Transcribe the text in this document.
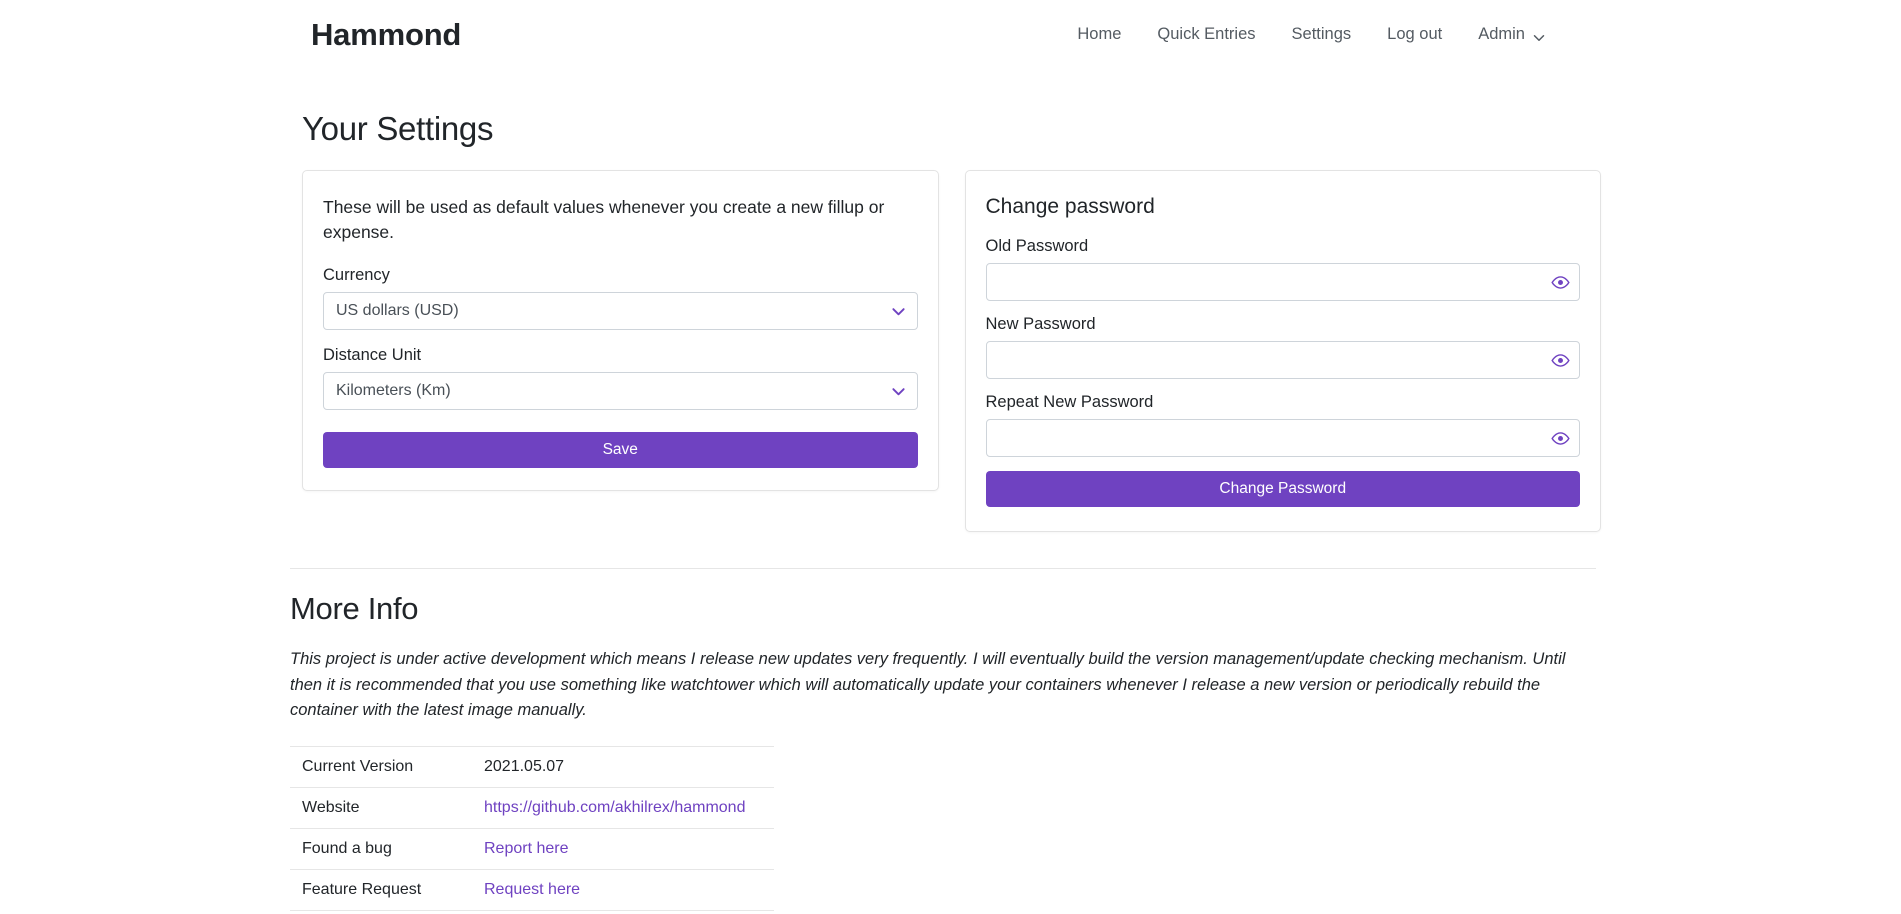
Hammond	Home	Quick Entries	Settings	Log out	Admin
Your Settings

These will be used as default values whenever you create a new fillup or expense.

Currency
US dollars (USD)
Distance Unit
Kilometers (Km)
Save
Change password
Old Password
New Password
Repeat New Password
Change Password
More Info

This project is under active development which means I release new updates very frequently. I will eventually build the version management/update checking mechanism. Until then it is recommended that you use something like watchtower which will automatically update your containers whenever I release a new version or periodically rebuild the container with the latest image manually.

Current Version	2021.05.07
Website	https://github.com/akhilrex/hammond
Found a bug	Report here
Feature Request	Request here
